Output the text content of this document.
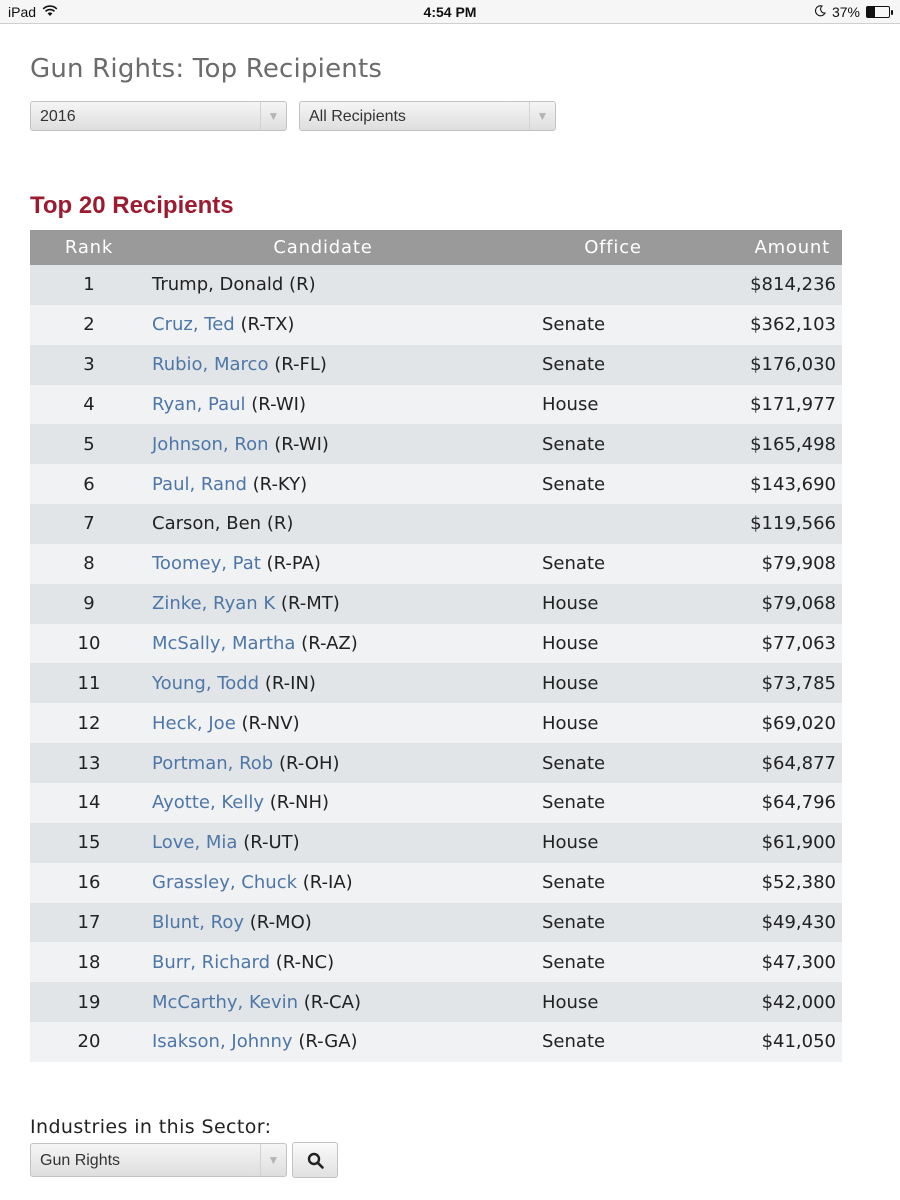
iPad	4:54 PM	37%
Gun Rights: Top Recipients
2016	▼	All Recipients	▼
Top 20 Recipients
Rank	Candidate	Office	Amount
1	Trump, Donald (R)		$814,236
2	Cruz, Ted (R-TX)	Senate	$362,103
3	Rubio, Marco (R-FL)	Senate	$176,030
4	Ryan, Paul (R-WI)	House	$171,977
5	Johnson, Ron (R-WI)	Senate	$165,498
6	Paul, Rand (R-KY)	Senate	$143,690
7	Carson, Ben (R)		$119,566
8	Toomey, Pat (R-PA)	Senate	$79,908
9	Zinke, Ryan K (R-MT)	House	$79,068
10	McSally, Martha (R-AZ)	House	$77,063
11	Young, Todd (R-IN)	House	$73,785
12	Heck, Joe (R-NV)	House	$69,020
13	Portman, Rob (R-OH)	Senate	$64,877
14	Ayotte, Kelly (R-NH)	Senate	$64,796
15	Love, Mia (R-UT)	House	$61,900
16	Grassley, Chuck (R-IA)	Senate	$52,380
17	Blunt, Roy (R-MO)	Senate	$49,430
18	Burr, Richard (R-NC)	Senate	$47,300
19	McCarthy, Kevin (R-CA)	House	$42,000
20	Isakson, Johnny (R-GA)	Senate	$41,050
Industries in this Sector:
Gun Rights	▼
